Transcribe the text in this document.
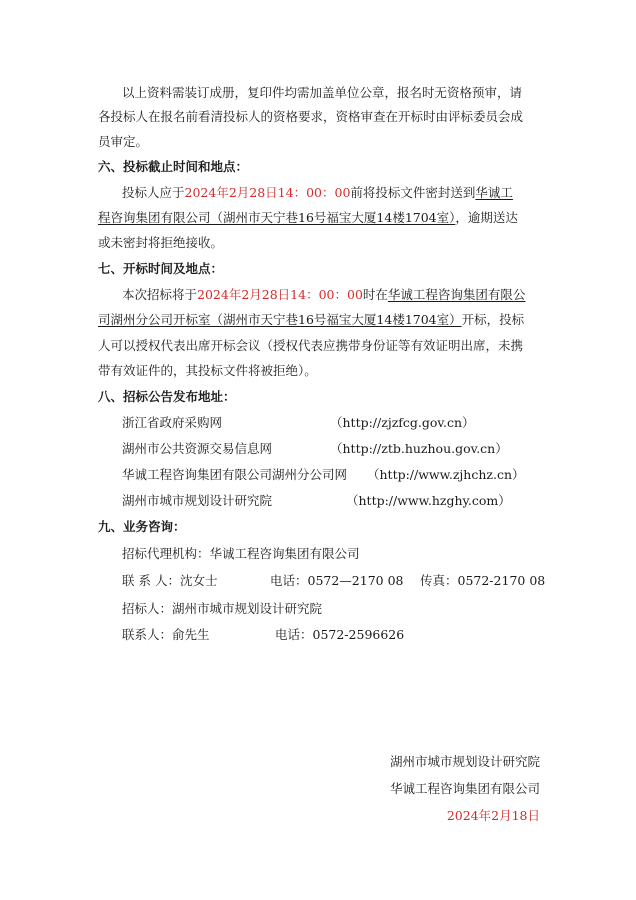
以上资料需装订成册，复印件均需加盖单位公章，报名时无资格预审，请
各投标人在报名前看清投标人的资格要求，资格审查在开标时由评标委员会成
员审定。
六、投标截止时间和地点：
投标人应于2024年2月28日14：00：00前将投标文件密封送到华诚工
程咨询集团有限公司（湖州市天宁巷16号福宝大厦14楼1704室），逾期送达
或未密封将拒绝接收。
七、开标时间及地点：
本次招标将于2024年2月28日14：00：00时在华诚工程咨询集团有限公
司湖州分公司开标室（湖州市天宁巷16号福宝大厦14楼1704室）开标，投标
人可以授权代表出席开标会议（授权代表应携带身份证等有效证明出席，未携
带有效证件的，其投标文件将被拒绝）。
八、招标公告发布地址：
浙江省政府采购网	（http://zjzfcg.gov.cn）
湖州市公共资源交易信息网	（http://ztb.huzhou.gov.cn）
华诚工程咨询集团有限公司湖州分公司网 （http://www.zjhchz.cn）
湖州市城市规划设计研究院	（http://www.hzghy.com）
九、业务咨询：
招标代理机构：华诚工程咨询集团有限公司
联 系 人：沈女士	电话：0572—2170 08 传真：0572-2170 08
招标人：湖州市城市规划设计研究院
联系人：俞先生	电话：0572-2596626
湖州市城市规划设计研究院
华诚工程咨询集团有限公司
2024年2月18日
